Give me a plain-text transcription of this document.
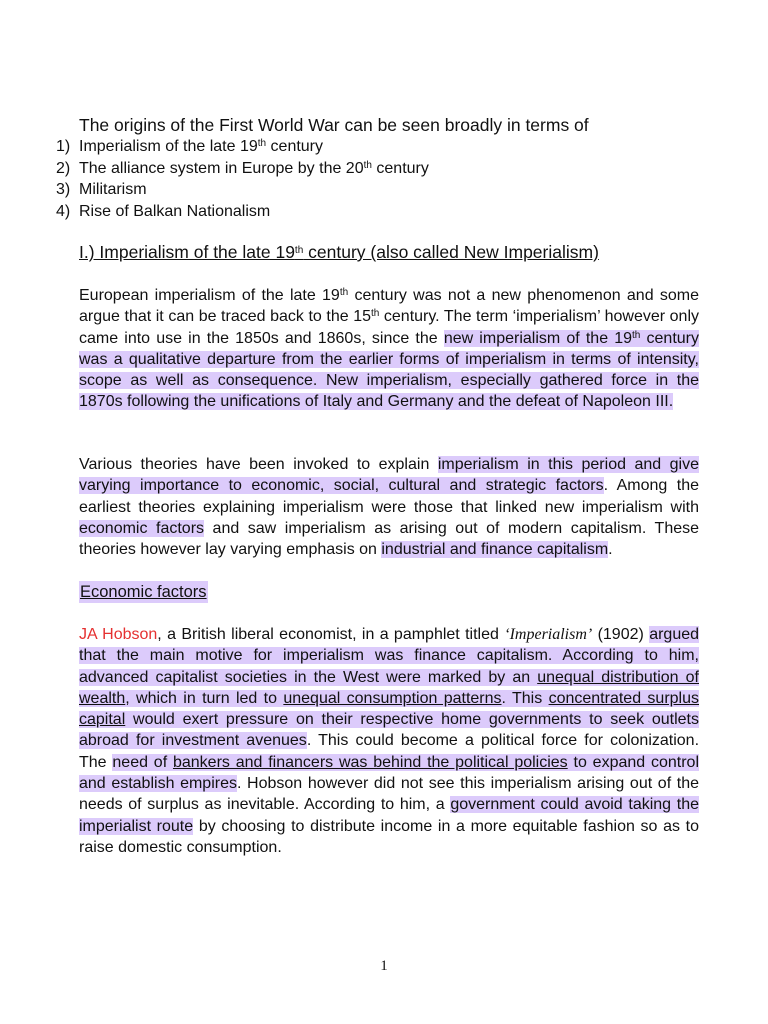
The origins of the First World War can be seen broadly in terms of
1) Imperialism of the late 19th century
2) The alliance system in Europe by the 20th century
3) Militarism
4) Rise of Balkan Nationalism
I.) Imperialism of the late 19th century (also called New Imperialism)

European imperialism of the late 19th century was not a new phenomenon and some argue that it can be traced back to the 15th century. The term ‘imperialism’ however only came into use in the 1850s and 1860s, since the new imperialism of the 19th century was a qualitative departure from the earlier forms of imperialism in terms of intensity, scope as well as consequence. New imperialism, especially gathered force in the 1870s following the unifications of Italy and Germany and the defeat of Napoleon III.

Various theories have been invoked to explain imperialism in this period and give varying importance to economic, social, cultural and strategic factors. Among the earliest theories explaining imperialism were those that linked new imperialism with economic factors and saw imperialism as arising out of modern capitalism. These theories however lay varying emphasis on industrial and finance capitalism.

Economic factors

JA Hobson, a British liberal economist, in a pamphlet titled ‘Imperialism’ (1902) argued that the main motive for imperialism was finance capitalism. According to him, advanced capitalist societies in the West were marked by an unequal distribution of wealth, which in turn led to unequal consumption patterns. This concentrated surplus capital would exert pressure on their respective home governments to seek outlets abroad for investment avenues. This could become a political force for colonization. The need of bankers and financers was behind the political policies to expand control and establish empires. Hobson however did not see this imperialism arising out of the needs of surplus as inevitable. According to him, a government could avoid taking the imperialist route by choosing to distribute income in a more equitable fashion so as to raise domestic consumption.

1
